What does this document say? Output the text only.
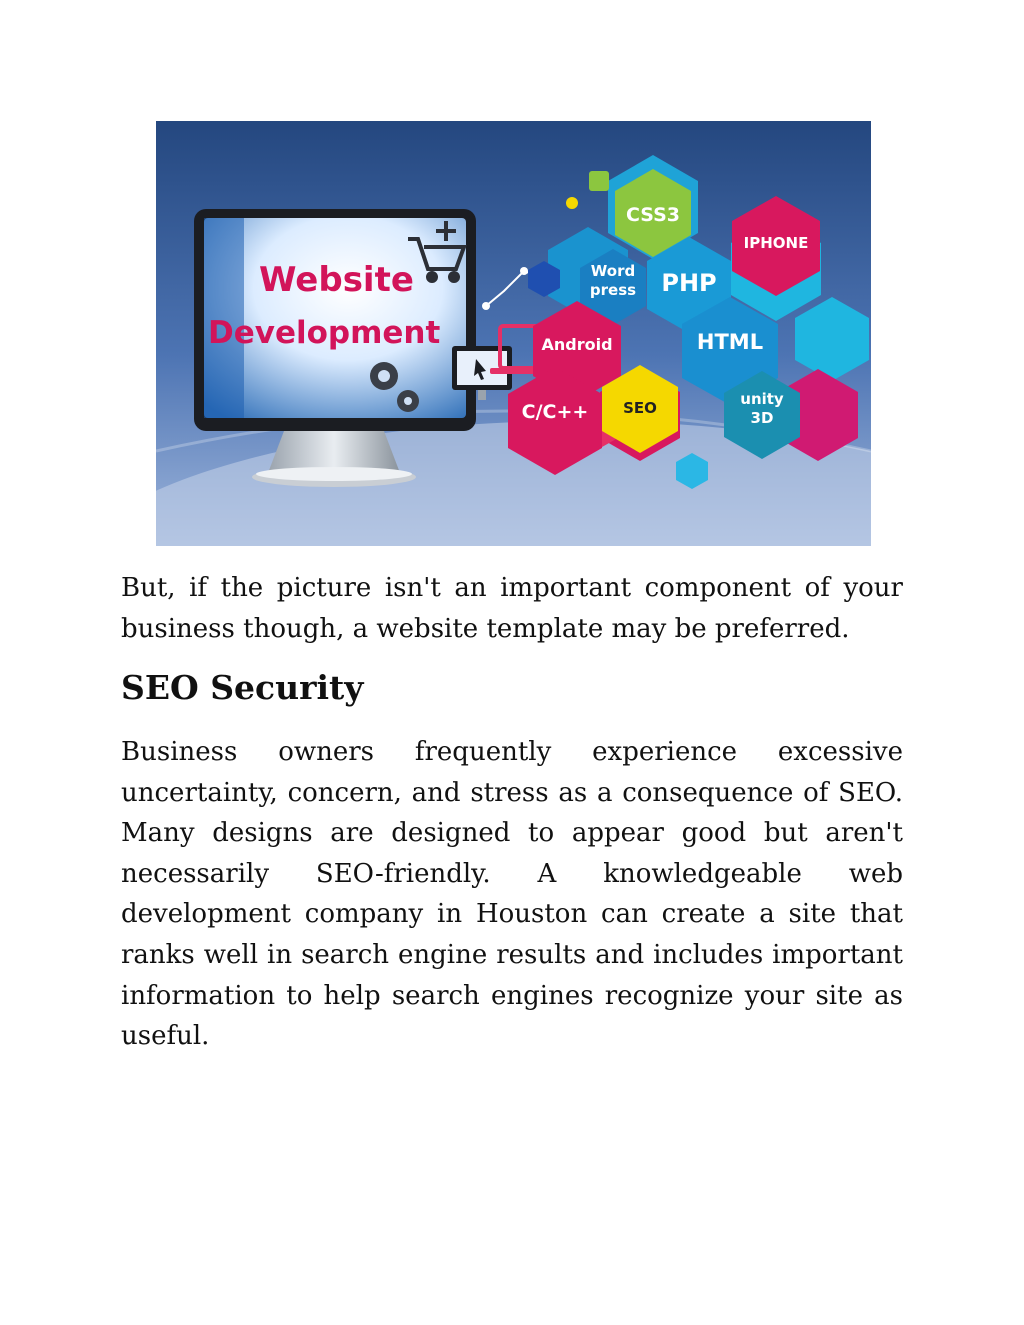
Website
Development
CSS3
IPHONE
Word
press PHP
Android	HTML
C/C++ SEO	unity
3D

But, if the picture isn't an important component of your business though, a website template may be preferred.

SEO Security

Business owners frequently experience excessive uncertainty, concern, and stress as a consequence of SEO. Many designs are designed to appear good but aren't necessarily SEO-friendly. A knowledgeable web development company in Houston can create a site that ranks well in search engine results and includes important information to help search engines recognize your site as useful.
